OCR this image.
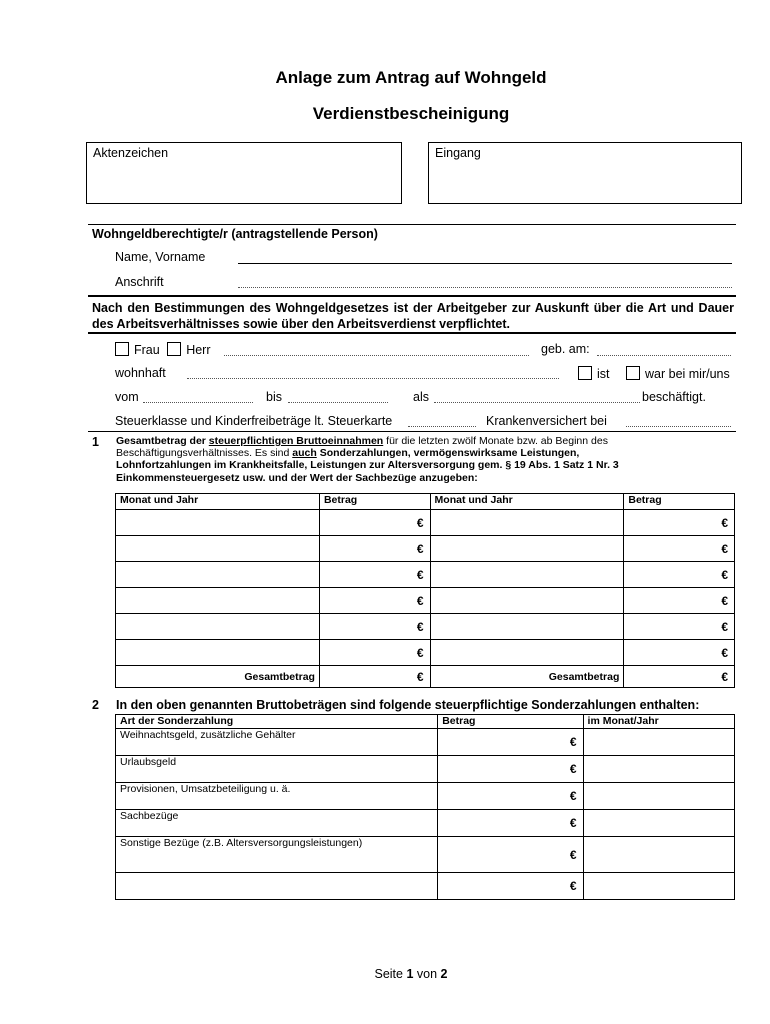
Anlage zum Antrag auf Wohngeld
Verdienstbescheinigung
Aktenzeichen	Eingang
Wohngeldberechtigte/r (antragstellende Person)
Name, Vorname
Anschrift
Nach den Bestimmungen des Wohngeldgesetzes ist der Arbeitgeber zur Auskunft über die Art und Dauer des Arbeitsverhältnisses sowie über den Arbeitsverdienst verpflichtet.
Frau Herr	geb. am:
wohnhaft	ist	war bei mir/uns
vom	bis	als	beschäftigt.
Steuerklasse und Kinderfreibeträge lt. Steuerkarte	Krankenversichert bei
1 Gesamtbetrag der steuerpflichtigen Bruttoeinnahmen für die letzten zwölf Monate bzw. ab Beginn des Beschäftigungsverhältnisses. Es sind auch Sonderzahlungen, vermögenswirksame Leistungen, Lohnfortzahlungen im Krankheitsfalle, Leistungen zur Altersversorgung gem. § 19 Abs. 1 Satz 1 Nr. 3 Einkommensteuergesetz usw. und der Wert der Sachbezüge anzugeben:
Monat und Jahr	Betrag	Monat und Jahr	Betrag
	€		€
	€		€
	€		€
	€		€
	€		€
	€		€
Gesamtbetrag	€	Gesamtbetrag	€
2 In den oben genannten Bruttobeträgen sind folgende steuerpflichtige Sonderzahlungen enthalten:
Art der Sonderzahlung	Betrag	im Monat/Jahr
Weihnachtsgeld, zusätzliche Gehälter	€	
Urlaubsgeld	€	
Provisionen, Umsatzbeteiligung u. ä.	€	
Sachbezüge	€	
Sonstige Bezüge (z.B. Altersversorgungsleistungen)	€	
	€	
Seite 1 von 2
